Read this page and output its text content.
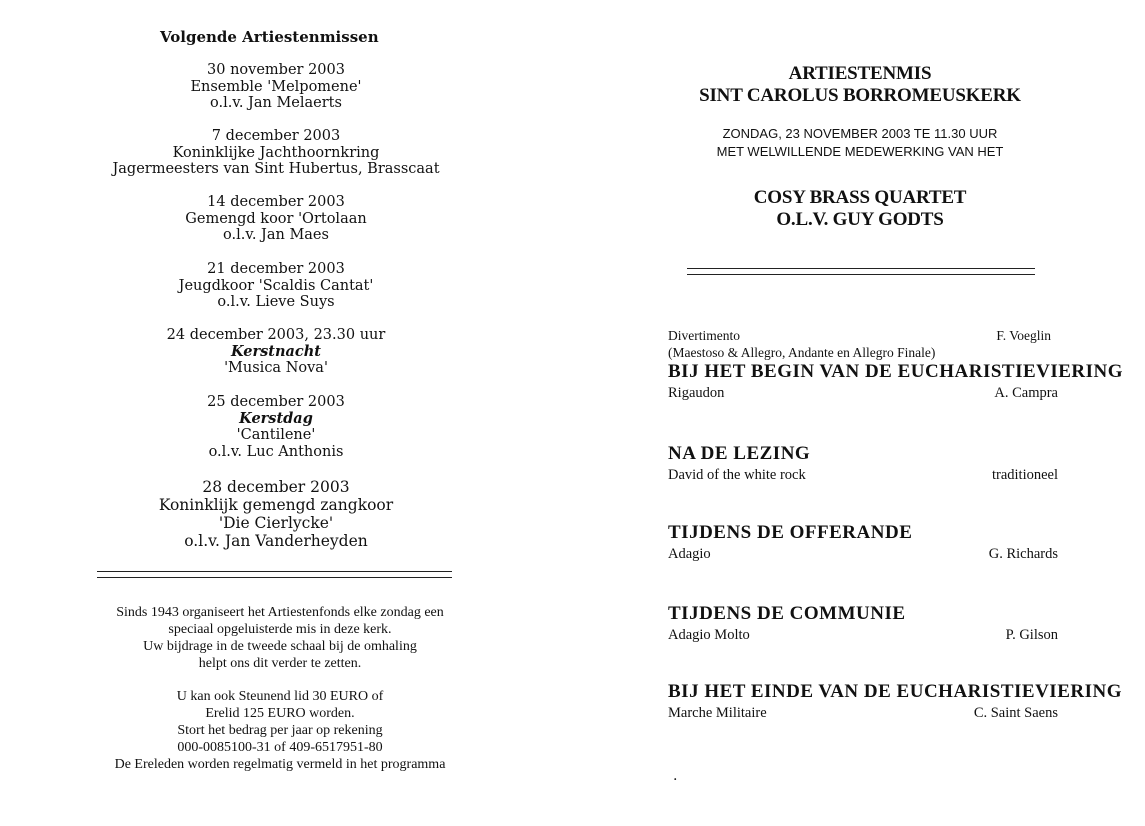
Volgende Artiestenmissen
30 november 2003
Ensemble 'Melpomene'
o.l.v. Jan Melaerts
7 december 2003
Koninklijke Jachthoornkring
Jagermeesters van Sint Hubertus, Brasscaat
14 december 2003
Gemengd koor 'Ortolaan
o.l.v. Jan Maes
21 december 2003
Jeugdkoor 'Scaldis Cantat'
o.l.v. Lieve Suys
24 december 2003, 23.30 uur
Kerstnacht
'Musica Nova'
25 december 2003
Kerstdag
'Cantilene'
o.l.v. Luc Anthonis
28 december 2003
Koninklijk gemengd zangkoor
'Die Cierlycke'
o.l.v. Jan Vanderheyden
Sinds 1943 organiseert het Artiestenfonds elke zondag een
speciaal opgeluisterde mis in deze kerk.
Uw bijdrage in de tweede schaal bij de omhaling
helpt ons dit verder te zetten.
U kan ook Steunend lid 30 EURO of
Erelid 125 EURO worden.
Stort het bedrag per jaar op rekening
000-0085100-31 of 409-6517951-80
De Ereleden worden regelmatig vermeld in het programma
ARTIESTENMIS
SINT CAROLUS BORROMEUSKERK
ZONDAG, 23 NOVEMBER 2003 TE 11.30 UUR
MET WELWILLENDE MEDEWERKING VAN HET
COSY BRASS QUARTET
O.L.V. GUY GODTS
Divertimento	F. Voeglin
(Maestoso & Allegro, Andante en Allegro Finale)
BIJ HET BEGIN VAN DE EUCHARISTIEVIERING
Rigaudon	A. Campra
NA DE LEZING
David of the white rock	traditioneel
TIJDENS DE OFFERANDE
Adagio	G. Richards
TIJDENS DE COMMUNIE
Adagio Molto	P. Gilson
BIJ HET EINDE VAN DE EUCHARISTIEVIERING
Marche Militaire	C. Saint Saens
.
